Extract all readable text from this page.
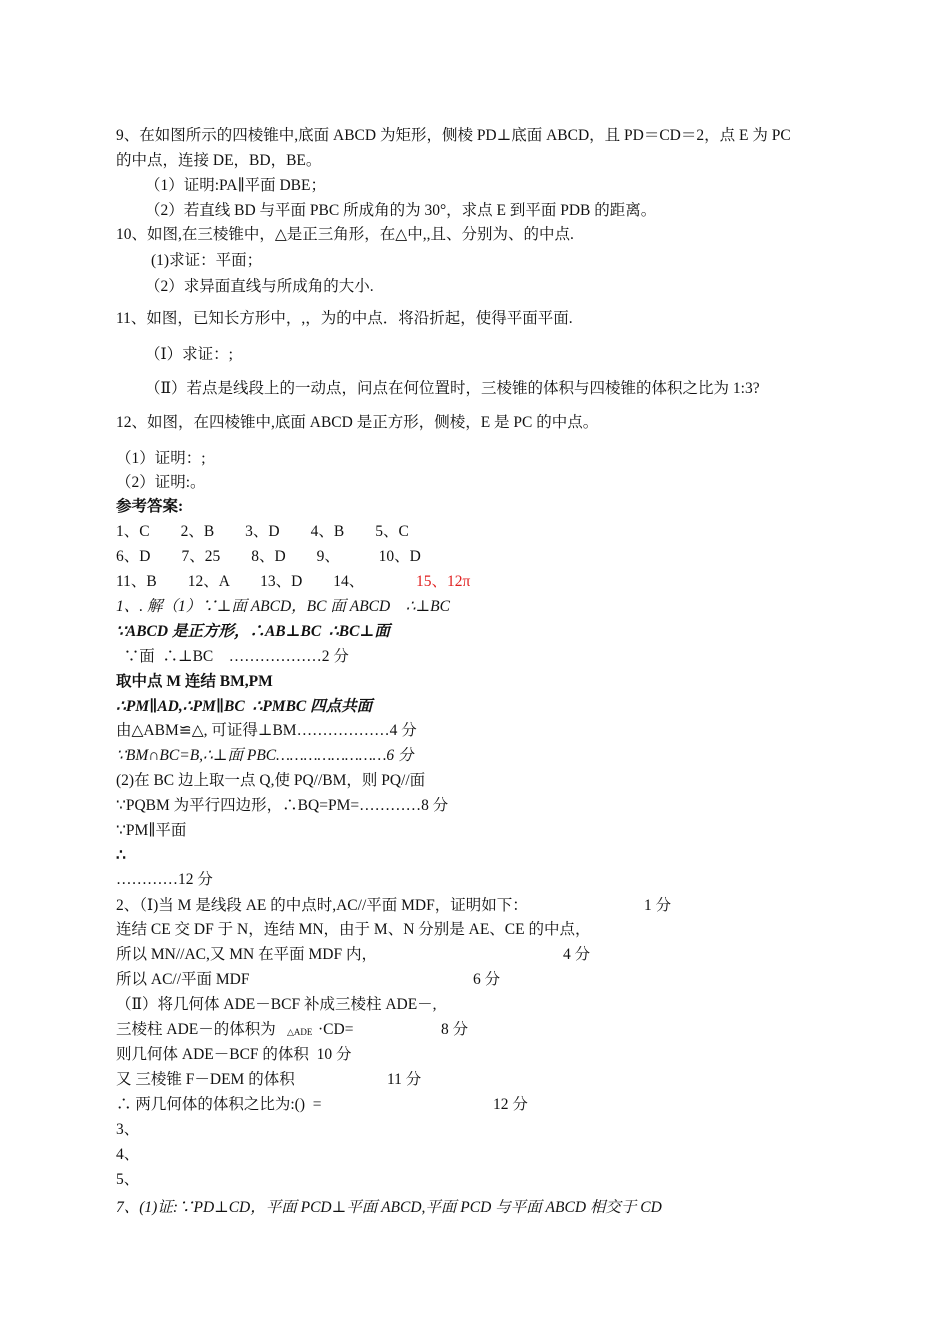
9、在如图所示的四棱锥中,底面 ABCD 为矩形，侧棱 PD⊥底面 ABCD，且 PD＝CD＝2，点 E 为 PC
的中点，连接 DE，BD，BE。
（1）证明:PA∥平面 DBE；
（2）若直线 BD 与平面 PBC 所成角的为 30°，求点 E 到平面 PDB 的距离。
10、如图,在三棱锥中，△是正三角形，在△中,,且、分别为、的中点.
(1)求证：平面；
（2）求异面直线与所成角的大小.
11、如图，已知长方形中，,，为的中点．将沿折起，使得平面平面.
（Ⅰ）求证：;
（Ⅱ）若点是线段上的一动点，问点在何位置时，三棱锥的体积与四棱锥的体积之比为 1:3?
12、如图，在四棱锥中,底面 ABCD 是正方形，侧棱，E 是 PC 的中点。
（1）证明：;
（2）证明:。
参考答案:
1、C        2、B        3、D        4、B        5、C
6、D        7、25        8、D        9、          10、D
11、B        12、A        13、D        14、	15、12π
1、. 解（1）∵⊥面 ABCD，BC 面 ABCD    ∴⊥BC
∵ABCD 是正方形，∴AB⊥BC  ∴BC⊥面
∵面  ∴⊥BC    ………………2 分
取中点 M 连结 BM,PM
∴PM∥AD,∴PM∥BC  ∴PMBC 四点共面
由△ABM≌△, 可证得⊥BM………………4 分
∵BM∩BC=B,∴⊥面 PBC……………………6 分
(2)在 BC 边上取一点 Q,使 PQ//BM，则 PQ//面
∵PQBM 为平行四边形，∴BQ=PM=…………8 分
∵PM∥平面
∴
…………12 分
2、（Ⅰ)当 M 是线段 AE 的中点时,AC//平面 MDF，证明如下：	1 分
连结 CE 交 DF 于 N，连结 MN，由于 M、N 分别是 AE、CE 的中点，
所以 MN//AC,又 MN 在平面 MDF 内，	4 分
所以 AC//平面 MDF	6 分
（Ⅱ）将几何体 ADE－BCF 补成三棱柱 ADE－,
三棱柱 ADE－的体积为 △ADE ·CD=	8 分
则几何体 ADE－BCF 的体积  10 分
又 三棱锥 F－DEM 的体积	11 分
∴ 两几何体的体积之比为:()  =	12 分
3、
4、
5、
7、(1)证:∵PD⊥CD，平面 PCD⊥平面 ABCD,平面 PCD 与平面 ABCD 相交于 CD
